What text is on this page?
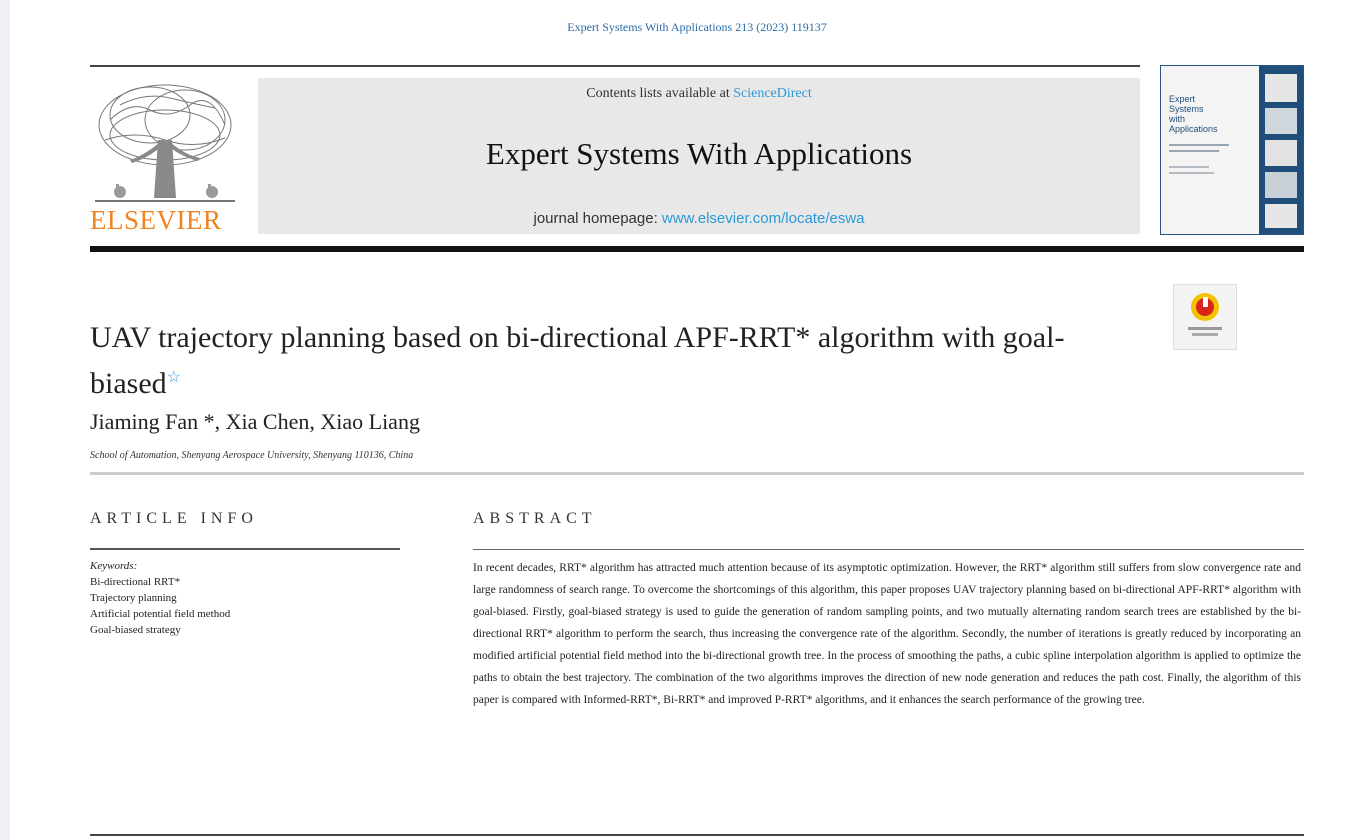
Expert Systems With Applications 213 (2023) 119137
ELSEVIER
Contents lists available at ScienceDirect
Expert Systems With Applications
journal homepage: www.elsevier.com/locate/eswa
Expert
Systems
with
Applications
UAV trajectory planning based on bi-directional APF-RRT* algorithm with goal-biased☆
Jiaming Fan *, Xia Chen, Xiao Liang
School of Automation, Shenyang Aerospace University, Shenyang 110136, China
ARTICLE INFO	ABSTRACT
Keywords:
Bi-directional RRT*
Trajectory planning
Artificial potential field method
Goal-biased strategy

In recent decades, RRT* algorithm has attracted much attention because of its asymptotic optimization. However, the RRT* algorithm still suffers from slow convergence rate and large randomness of search range. To overcome the shortcomings of this algorithm, this paper proposes UAV trajectory planning based on bi-directional APF-RRT* algorithm with goal-biased. Firstly, goal-biased strategy is used to guide the generation of random sampling points, and two mutually alternating random search trees are established by the bi-directional RRT* algorithm to perform the search, thus increasing the convergence rate of the algorithm. Secondly, the number of iterations is greatly reduced by incorporating an modified artificial potential field method into the bi-directional growth tree. In the process of smoothing the paths, a cubic spline interpolation algorithm is applied to optimize the paths to obtain the best trajectory. The combination of the two algorithms improves the direction of new node generation and reduces the path cost. Finally, the algorithm of this paper is compared with Informed-RRT*, Bi-RRT* and improved P-RRT* algorithms, and it enhances the search performance of the growing tree.
